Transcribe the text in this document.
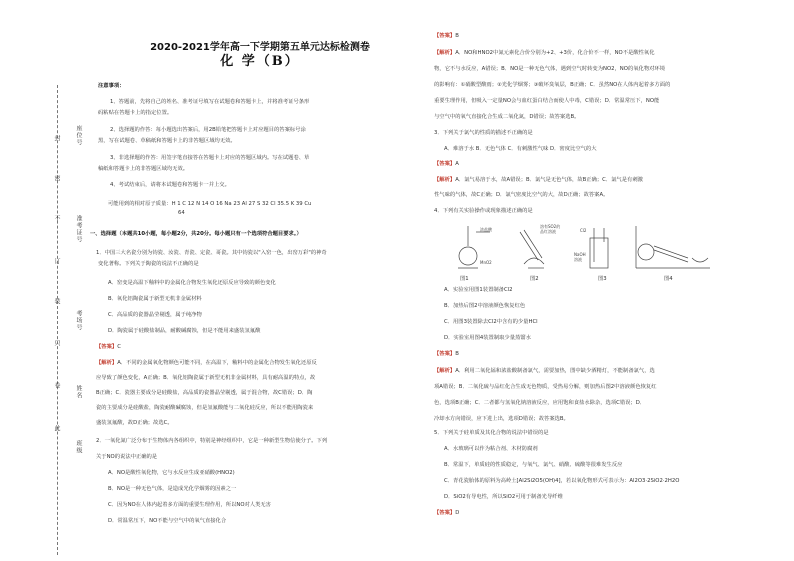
封
密
不
订
装
只
卷
此
座位号
准考证号
考场号
姓名
班级
2020-2021学年高一下学期第五单元达标检测卷
化 学（B）
注意事项：
1、答题前，先将自己的姓名、准考证号填写在试题卷和答题卡上，并将准考证号条形
码粘贴在答题卡上的指定位置。
2、选择题的作答：每小题选出答案后，用2B铅笔把答题卡上对应题目的答案标号涂
黑，写在试题卷、草稿纸和答题卡上的非答题区域均无效。
3、非选择题的作答：用签字笔直接答在答题卡上对应的答题区域内。写在试题卷、草
稿纸和答题卡上的非答题区域均无效。
4、考试结束后，请将本试题卷和答题卡一并上交。
可能用到的相对原子质量：H 1 C 12 N 14 O 16 Na 23 Al 27 S 32 Cl 35.5 K 39 Cu
64
一、选择题（本题共10小题，每小题2分，共20分。每小题只有一个选项符合题目要求。）
1．中国三大名瓷分别为钧瓷、汝瓷、青瓷、定瓷、哥瓷。其中钧瓷以"入窑一色，出窑万彩"的神奇
变化著称。下列关于陶瓷的说法不正确的是
A．窑变是高温下釉料中的金属化合物发生氧化还原反应导致的颜色变化
B．氧化铝陶瓷属于新型无机非金属材料
C．高品质的瓷器晶莹剔透，属于纯净物
D．陶瓷属于硅酸盐制品，耐酸碱腐蚀，但是不能用来盛装氢氟酸
【答案】C
【解析】A．不同的金属氧化物颜色可能不同，在高温下，釉料中的金属化合物发生氧化还原反
应导致了颜色变化，A正确；B．氧化铝陶瓷属于新型无机非金属材料，具有耐高温的特点，故
B正确；C．瓷器主要成分是硅酸盐，高品质的瓷器晶莹剔透，属于混合物，故C错误；D．陶
瓷的主要成分是硅酸盐，陶瓷耐酸碱腐蚀，但是氢氟酸能与二氧化硅反应，所以不能用陶瓷来
盛装氢氟酸，故D正确；故选C。
2．一氧化氮广泛分布于生物体内各组织中，特别是神经组织中，它是一种新型生物信使分子。下列
关于NO的说法中正确的是
A．NO是酸性氧化物，它与水反应生成亚硝酸(HNO2)
B．NO是一种无色气体，是造成光化学烟雾的因素之一
C．因为NO在人体内起着多方面的重要生理作用，所以NO对人类无害
D．常温常压下，NO不能与空气中的氧气直接化合
【答案】B
【解析】A．NO和HNO2中氮元素化合价分别为+2、+3价，化合价不一样，NO不是酸性氧化
物，它不与水反应，A错误；B．NO是一种无色气体，遇到空气时转变为NO2，NO的氧化物对环境
的影响有：①硝酸型酸雨；②光化学烟雾；③破坏臭氧层，B正确；C．虽然NO在人体内起着多方面的
重要生理作用，但吸入一定量NO会与血红蛋白结合而使人中毒，C错误；D．常温常压下，NO能
与空气中的氧气直接化合生成二氧化氮，D错误；故答案选B。
3．下列关于氯气的性质的描述不正确的是
A．难溶于水 B．无色气体 C．有刺激性气味 D．密度比空气的大
【答案】A
【解析】A．氯气易溶于水，故A错误；B．氯气是无色气体，故B正确；C．氯气是有刺激
性气味的气体，故C正确；D．氯气密度比空气的大，故D正确；故答案A。
4．下列有关实验操作或现象描述正确的是
浓盐酸
MnO2
溶有SO2的
品红溶液	Cl2
NaOH
溶液
图1	图2	图3	图4
A．实验室用图1装置制备Cl2
B．加热后图2中溶液颜色恢复红色
C．用图3装置除去Cl2中含有的少量HCl
D．实验室用图4装置制取少量蒸馏水
【答案】B
【解析】A．利用二氧化锰和浓盐酸制备氯气，需要加热，图中缺少酒精灯，不能制备氯气，选
项A错误；B．二氧化硫与品红化合生成无色物质，受热易分解，则加热后图2中溶液颜色恢复红
色，选项B正确；C．二者都与氢氧化钠溶液反应，应用饱和食盐水除杂，选项C错误；D．
冷却水方向错误，应下进上出，选项D错误；故答案选B。
5．下列关于硅单质及其化合物的说法中错误的是
A．水玻璃可以作为粘合剂、木材防腐剂
B．常温下，单质硅的性质稳定，与氧气、氯气、硝酸、硫酸等很难发生反应
C．青花瓷胎体的原料为高岭土[Al2Si2O5(OH)4]，若以氧化物形式可表示为：Al2O3·2SiO2·2H2O
D．SiO2有导电性，所以SiO2可用于制备光导纤维
【答案】D
